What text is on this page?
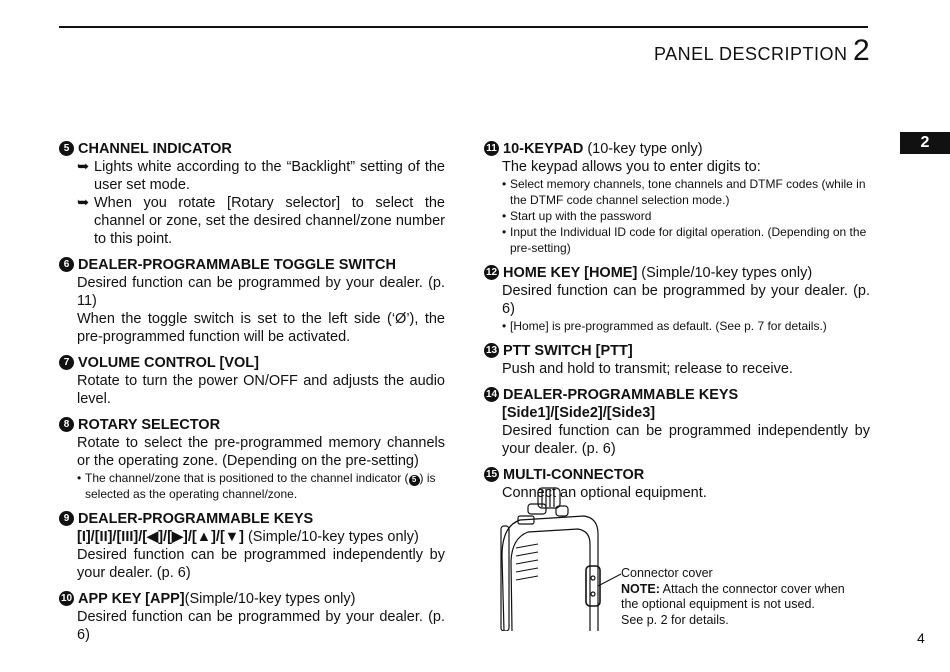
PANEL DESCRIPTION 2
2
5 CHANNEL INDICATOR
➥ Lights white according to the “Backlight” setting of the user set mode.
➥ When you rotate [Rotary selector] to select the channel or zone, set the desired channel/zone number to this point.
6 DEALER-PROGRAMMABLE TOGGLE SWITCH
Desired function can be programmed by your dealer. (p. 11)
When the toggle switch is set to the left side (‘Ø’), the pre-programmed function will be activated.
7 VOLUME CONTROL [VOL]
Rotate to turn the power ON/OFF and adjusts the audio level.
8 ROTARY SELECTOR
Rotate to select the pre-programmed memory channels or the operating zone. (Depending on the pre-setting)
• The channel/zone that is positioned to the channel indicator ( 5 ) is selected as the operating channel/zone.
9 DEALER-PROGRAMMABLE KEYS
[I]/[II]/[III]/[◀]/[▶]/[▲]/[▼] (Simple/10-key types only)
Desired function can be programmed independently by your dealer. (p. 6)
10 APP KEY [APP] (Simple/10-key types only)
Desired function can be programmed by your dealer. (p. 6)
11 10-KEYPAD (10-key type only)
The keypad allows you to enter digits to:
• Select memory channels, tone channels and DTMF codes (while in the DTMF code channel selection mode.)
• Start up with the password
• Input the Individual ID code for digital operation. (Depending on the pre-setting)
12 HOME KEY [HOME] (Simple/10-key types only)
Desired function can be programmed by your dealer. (p. 6)
• [Home] is pre-programmed as default. (See p. 7 for details.)
13 PTT SWITCH [PTT]
Push and hold to transmit; release to receive.
14 DEALER-PROGRAMMABLE KEYS
[Side1]/[Side2]/[Side3]
Desired function can be programmed independently by your dealer. (p. 6)
15 MULTI-CONNECTOR
Connect an optional equipment.
Connector cover
NOTE: Attach the connector cover when the optional equipment is not used.
See p. 2 for details.
4
